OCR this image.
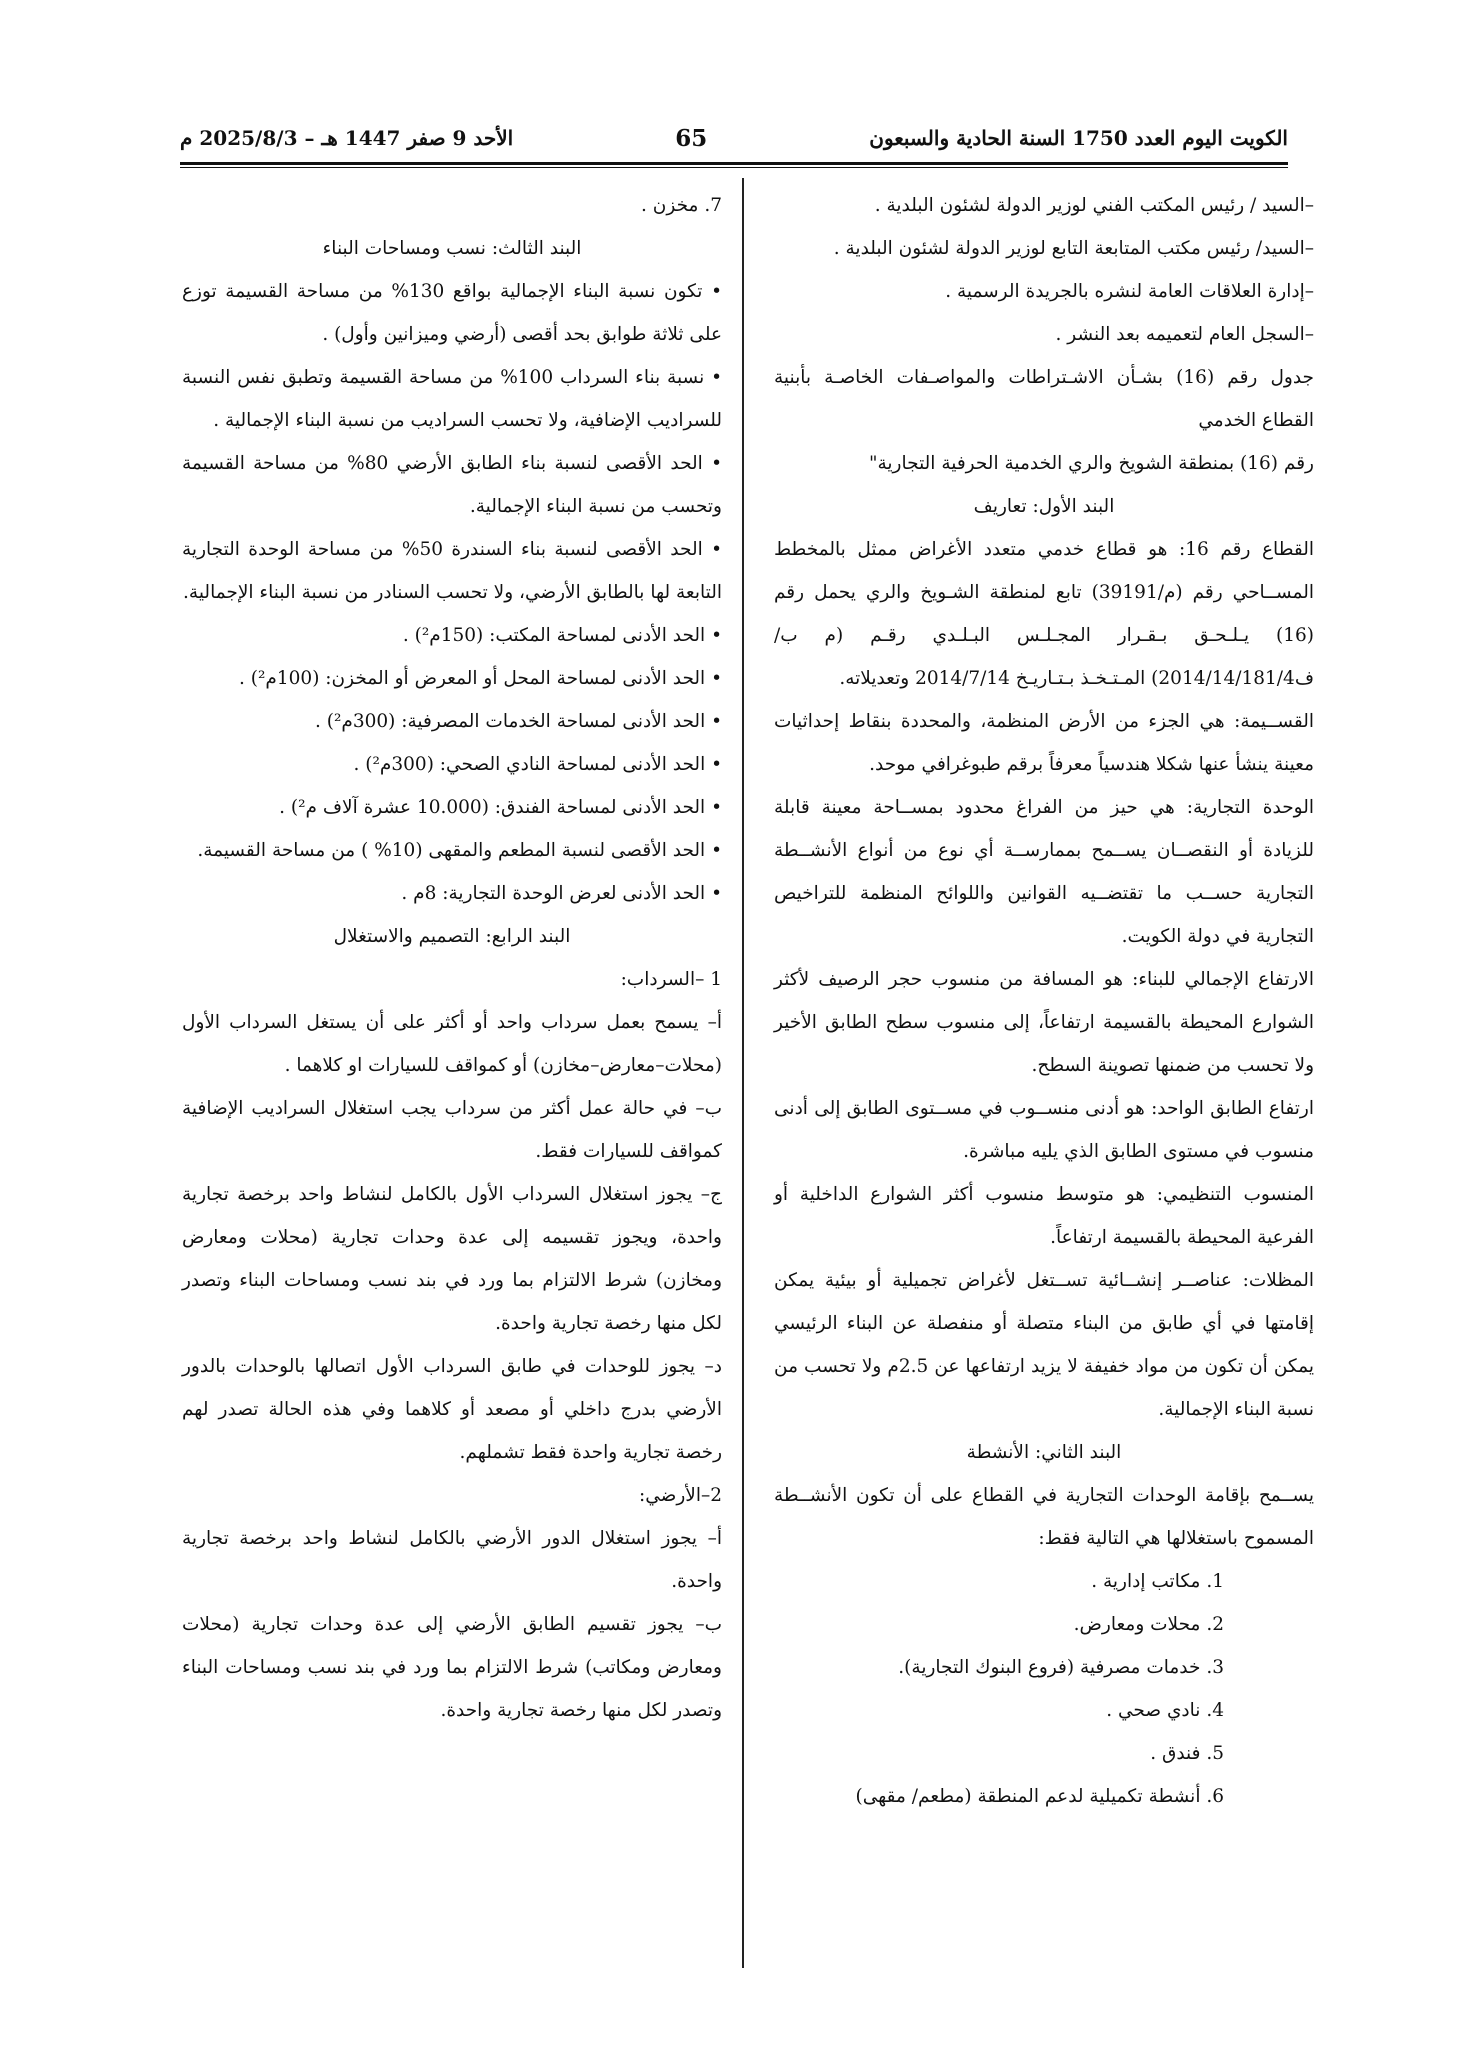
الكويت اليوم العدد 1750 السنة الحادية والسبعون
65
الأحد 9 صفر 1447 هـ – 2025/8/3 م

–السيد / رئيس المكتب الفني لوزير الدولة لشئون البلدية .

–السيد/ رئيس مكتب المتابعة التابع لوزير الدولة لشئون البلدية .

–إدارة العلاقات العامة لنشره بالجريدة الرسمية .

–السجل العام لتعميمه بعد النشر .

جدول رقم (16) بشـأن الاشـتراطات والمواصـفات الخاصـة بأبنية القطاع الخدمي

رقم (16) بمنطقة الشويخ والري الخدمية الحرفية التجارية"

البند الأول: تعاريف

القطاع رقم 16: هو قطاع خدمي متعدد الأغراض ممثل بالمخطط المســاحي رقم (م/39191) تابع لمنطقة الشـويخ والري يحمل رقم (16) يـلـحـق بـقـرار المجـلـس البـلـدي رقـم (م ب/ف2014/14/181/4) المـتـخـذ بـتـاريـخ 2014/7/14 وتعديلاته.

القســيمة: هي الجزء من الأرض المنظمة، والمحددة بنقاط إحداثيات معينة ينشأ عنها شكلا هندسياً معرفاً برقم طبوغرافي موحد.

الوحدة التجارية: هي حيز من الفراغ محدود بمســاحة معينة قابلة للزيادة أو النقصــان يســمح بممارســة أي نوع من أنواع الأنشــطة التجارية حســب ما تقتضــيه القوانين واللوائح المنظمة للتراخيص التجارية في دولة الكويت.

الارتفاع الإجمالي للبناء: هو المسافة من منسوب حجر الرصيف لأكثر الشوارع المحيطة بالقسيمة ارتفاعاً، إلى منسوب سطح الطابق الأخير ولا تحسب من ضمنها تصوينة السطح.

ارتفاع الطابق الواحد: هو أدنى منســوب في مســتوى الطابق إلى أدنى منسوب في مستوى الطابق الذي يليه مباشرة.

المنسوب التنظيمي: هو متوسط منسوب أكثر الشوارع الداخلية أو الفرعية المحيطة بالقسيمة ارتفاعاً.

المظلات: عناصــر إنشــائية تســتغل لأغراض تجميلية أو بيئية يمكن إقامتها في أي طابق من البناء متصلة أو منفصلة عن البناء الرئيسي يمكن أن تكون من مواد خفيفة لا يزيد ارتفاعها عن 2.5م ولا تحسب من نسبة البناء الإجمالية.

البند الثاني: الأنشطة

يســمح بإقامة الوحدات التجارية في القطاع على أن تكون الأنشــطة المسموح باستغلالها هي التالية فقط:

1. مكاتب إدارية .

2. محلات ومعارض.

3. خدمات مصرفية (فروع البنوك التجارية).

4. نادي صحي .

5. فندق .

6. أنشطة تكميلية لدعم المنطقة (مطعم/ مقهى)

7. مخزن .

البند الثالث: نسب ومساحات البناء

• تكون نسبة البناء الإجمالية بواقع 130% من مساحة القسيمة توزع على ثلاثة طوابق بحد أقصى (أرضي وميزانين وأول) .

• نسبة بناء السرداب 100% من مساحة القسيمة وتطبق نفس النسبة للسراديب الإضافية، ولا تحسب السراديب من نسبة البناء الإجمالية .

• الحد الأقصى لنسبة بناء الطابق الأرضي 80% من مساحة القسيمة وتحسب من نسبة البناء الإجمالية.

• الحد الأقصى لنسبة بناء السندرة 50% من مساحة الوحدة التجارية التابعة لها بالطابق الأرضي، ولا تحسب السنادر من نسبة البناء الإجمالية.

• الحد الأدنى لمساحة المكتب: (150م²) .

• الحد الأدنى لمساحة المحل أو المعرض أو المخزن: (100م²) .

• الحد الأدنى لمساحة الخدمات المصرفية: (300م²) .

• الحد الأدنى لمساحة النادي الصحي: (300م²) .

• الحد الأدنى لمساحة الفندق: (10.000 عشرة آلاف م²) .

• الحد الأقصى لنسبة المطعم والمقهى (10% ) من مساحة القسيمة.

• الحد الأدنى لعرض الوحدة التجارية: 8م .

البند الرابع: التصميم والاستغلال

1 –السرداب:

أ– يسمح بعمل سرداب واحد أو أكثر على أن يستغل السرداب الأول (محلات–معارض–مخازن) أو كمواقف للسيارات او كلاهما .

ب– في حالة عمل أكثر من سرداب يجب استغلال السراديب الإضافية كمواقف للسيارات فقط.

ج– يجوز استغلال السرداب الأول بالكامل لنشاط واحد برخصة تجارية واحدة، ويجوز تقسيمه إلى عدة وحدات تجارية (محلات ومعارض ومخازن) شرط الالتزام بما ورد في بند نسب ومساحات البناء وتصدر لكل منها رخصة تجارية واحدة.

د– يجوز للوحدات في طابق السرداب الأول اتصالها بالوحدات بالدور الأرضي بدرج داخلي أو مصعد أو كلاهما وفي هذه الحالة تصدر لهم رخصة تجارية واحدة فقط تشملهم.

2–الأرضي:

أ– يجوز استغلال الدور الأرضي بالكامل لنشاط واحد برخصة تجارية واحدة.

ب– يجوز تقسيم الطابق الأرضي إلى عدة وحدات تجارية (محلات ومعارض ومكاتب) شرط الالتزام بما ورد في بند نسب ومساحات البناء وتصدر لكل منها رخصة تجارية واحدة.
